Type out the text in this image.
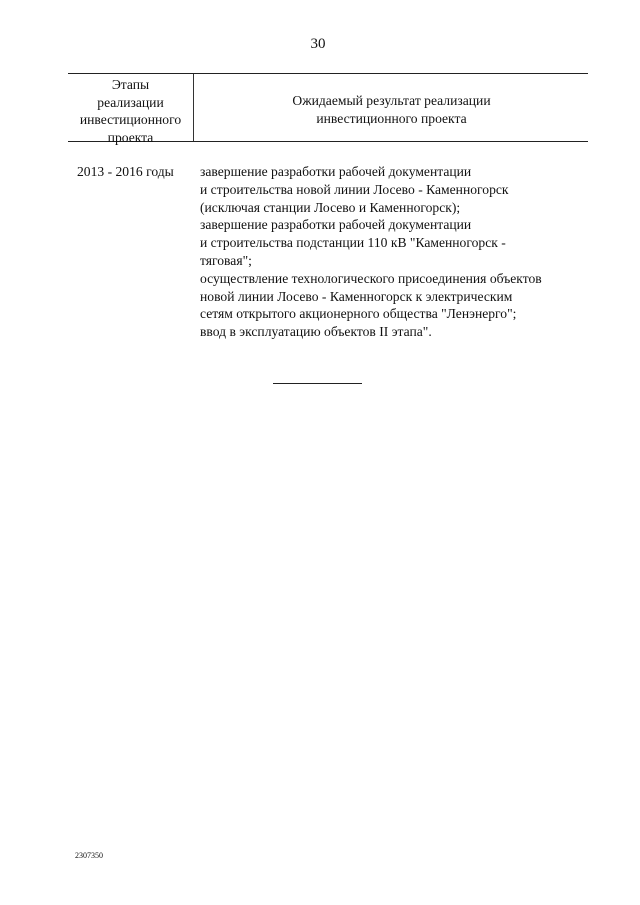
30
Этапы
реализации
инвестиционного
проекта
Ожидаемый результат реализации
инвестиционного проекта
2013 - 2016 годы завершение разработки рабочей документации
и строительства новой линии Лосево - Каменногорск
(исключая станции Лосево и Каменногорск);
завершение разработки рабочей документации
и строительства подстанции 110 кВ "Каменногорск -
тяговая";
осуществление технологического присоединения объектов
новой линии Лосево - Каменногорск к электрическим
сетям открытого акционерного общества "Ленэнерго";
ввод в эксплуатацию объектов II этапа".
2307350
